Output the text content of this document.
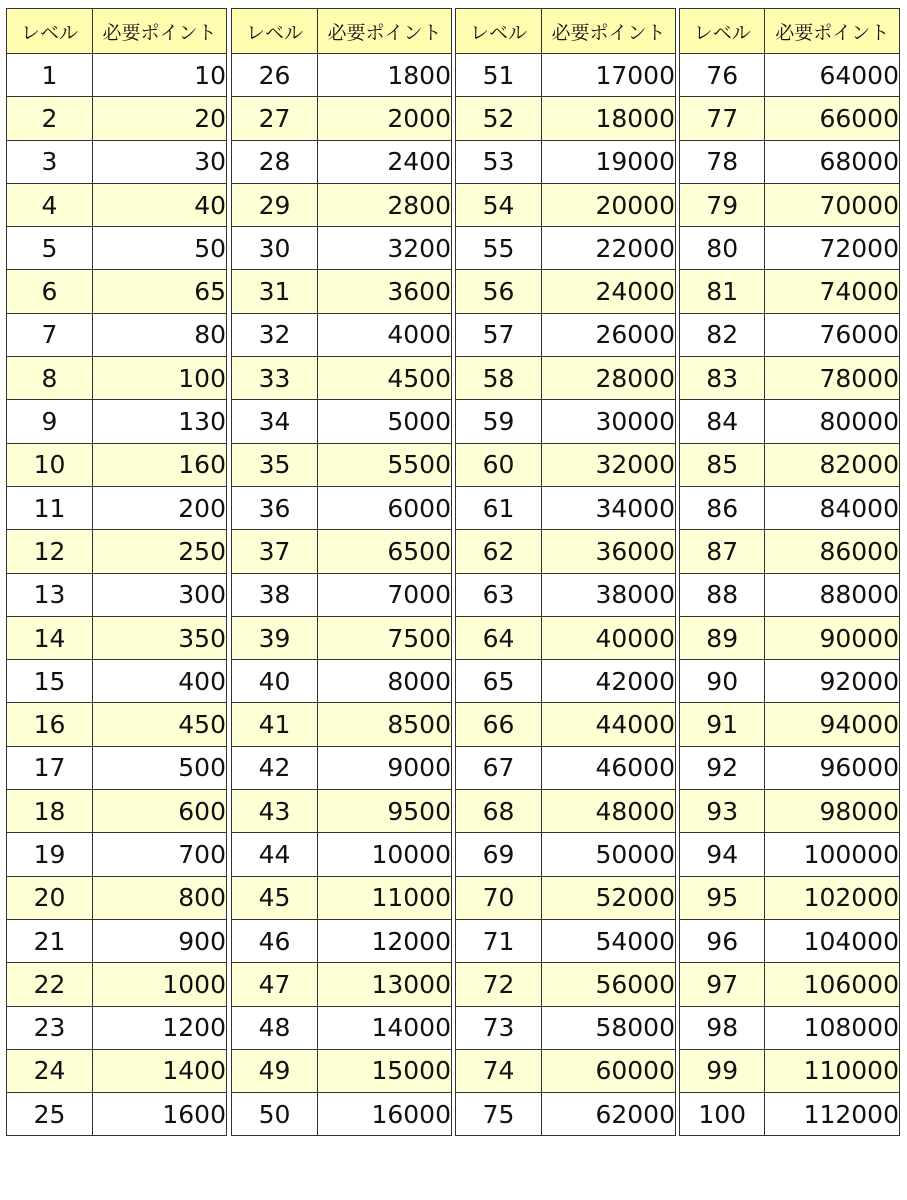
レベル	必要ポイント
1	10
2	20
3	30
4	40
5	50
6	65
7	80
8	100
9	130
10	160
11	200
12	250
13	300
14	350
15	400
16	450
17	500
18	600
19	700
20	800
21	900
22	1000
23	1200
24	1400
25	1600
レベル	必要ポイント
26	1800
27	2000
28	2400
29	2800
30	3200
31	3600
32	4000
33	4500
34	5000
35	5500
36	6000
37	6500
38	7000
39	7500
40	8000
41	8500
42	9000
43	9500
44	10000
45	11000
46	12000
47	13000
48	14000
49	15000
50	16000
レベル	必要ポイント
51	17000
52	18000
53	19000
54	20000
55	22000
56	24000
57	26000
58	28000
59	30000
60	32000
61	34000
62	36000
63	38000
64	40000
65	42000
66	44000
67	46000
68	48000
69	50000
70	52000
71	54000
72	56000
73	58000
74	60000
75	62000
レベル	必要ポイント
76	64000
77	66000
78	68000
79	70000
80	72000
81	74000
82	76000
83	78000
84	80000
85	82000
86	84000
87	86000
88	88000
89	90000
90	92000
91	94000
92	96000
93	98000
94	100000
95	102000
96	104000
97	106000
98	108000
99	110000
100	112000
